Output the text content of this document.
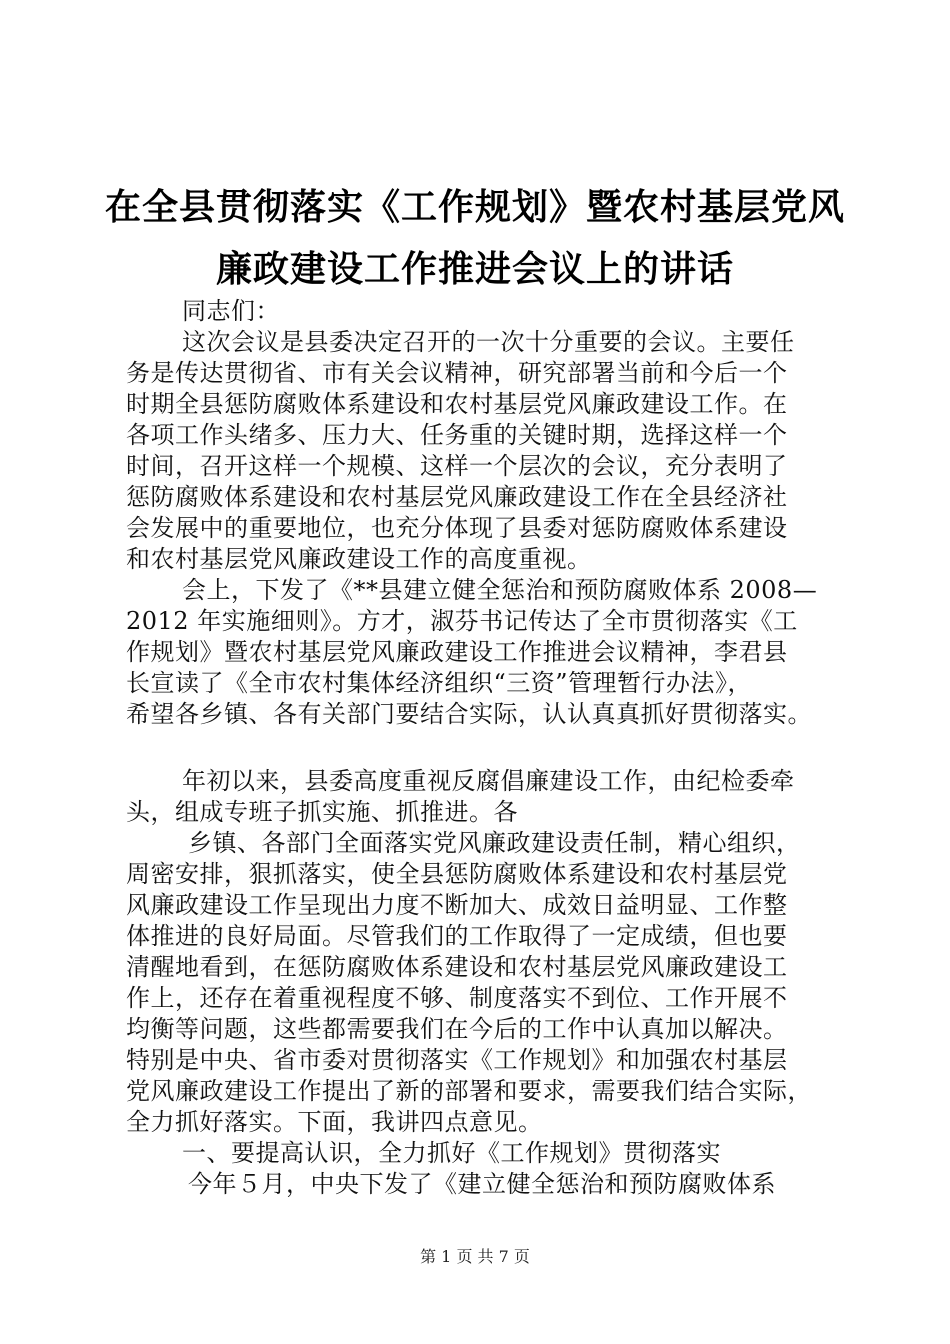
在全县贯彻落实《工作规划》暨农村基层党风
廉政建设工作推进会议上的讲话
同志们：
这次会议是县委决定召开的一次十分重要的会议。主要任
务是传达贯彻省、市有关会议精神，研究部署当前和今后一个
时期全县惩防腐败体系建设和农村基层党风廉政建设工作。在
各项工作头绪多、压力大、任务重的关键时期，选择这样一个
时间，召开这样一个规模、这样一个层次的会议，充分表明了
惩防腐败体系建设和农村基层党风廉政建设工作在全县经济社
会发展中的重要地位，也充分体现了县委对惩防腐败体系建设
和农村基层党风廉政建设工作的高度重视。
会上，下发了《**县建立健全惩治和预防腐败体系 2008—
2012 年实施细则》。方才，淑芬书记传达了全市贯彻落实《工
作规划》暨农村基层党风廉政建设工作推进会议精神，李君县
长宣读了《全市农村集体经济组织“三资”管理暂行办法》，
希望各乡镇、各有关部门要结合实际，认认真真抓好贯彻落实。
年初以来，县委高度重视反腐倡廉建设工作，由纪检委牵
头，组成专班子抓实施、抓推进。各
乡镇、各部门全面落实党风廉政建设责任制，精心组织，
周密安排，狠抓落实，使全县惩防腐败体系建设和农村基层党
风廉政建设工作呈现出力度不断加大、成效日益明显、工作整
体推进的良好局面。尽管我们的工作取得了一定成绩，但也要
清醒地看到，在惩防腐败体系建设和农村基层党风廉政建设工
作上，还存在着重视程度不够、制度落实不到位、工作开展不
均衡等问题，这些都需要我们在今后的工作中认真加以解决。
特别是中央、省市委对贯彻落实《工作规划》和加强农村基层
党风廉政建设工作提出了新的部署和要求，需要我们结合实际，
全力抓好落实。下面，我讲四点意见。
一、要提高认识，全力抓好《工作规划》贯彻落实
今年５月，中央下发了《建立健全惩治和预防腐败体系
第 1 页 共 7 页
